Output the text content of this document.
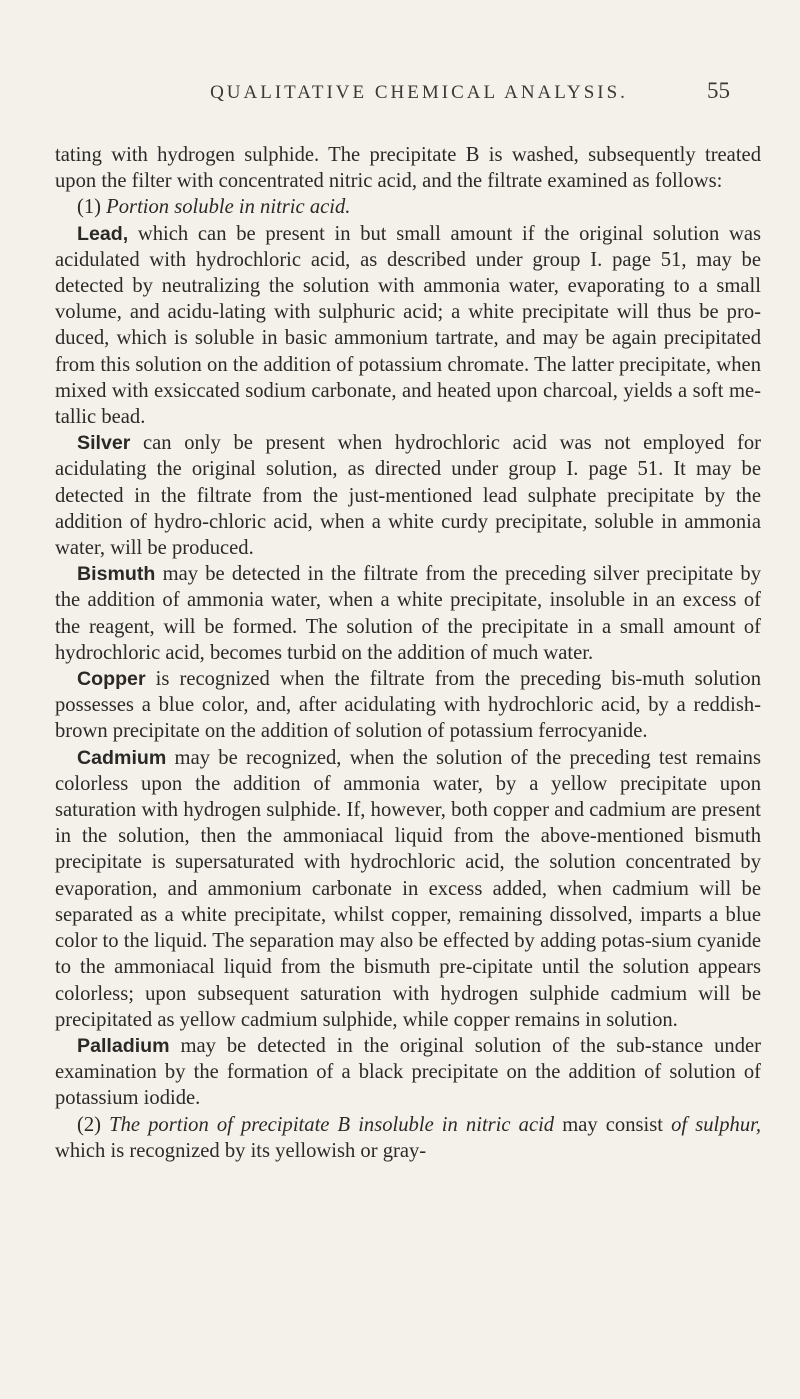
QUALITATIVE CHEMICAL ANALYSIS.	55

tating with hydrogen sulphide. The precipitate B is washed, subsequently treated upon the filter with concentrated nitric acid, and the filtrate examined as follows:

(1) Portion soluble in nitric acid.

Lead, which can be present in but small amount if the original solution was acidulated with hydrochloric acid, as described under group I. page 51, may be detected by neutralizing the solution with ammonia water, evaporating to a small volume, and acidu-lating with sulphuric acid; a white precipitate will thus be pro-duced, which is soluble in basic ammonium tartrate, and may be again precipitated from this solution on the addition of potassium chromate. The latter precipitate, when mixed with exsiccated sodium carbonate, and heated upon charcoal, yields a soft me-tallic bead.

Silver can only be present when hydrochloric acid was not employed for acidulating the original solution, as directed under group I. page 51. It may be detected in the filtrate from the just-mentioned lead sulphate precipitate by the addition of hydro-chloric acid, when a white curdy precipitate, soluble in ammonia water, will be produced.

Bismuth may be detected in the filtrate from the preceding silver precipitate by the addition of ammonia water, when a white precipitate, insoluble in an excess of the reagent, will be formed. The solution of the precipitate in a small amount of hydrochloric acid, becomes turbid on the addition of much water.

Copper is recognized when the filtrate from the preceding bis-muth solution possesses a blue color, and, after acidulating with hydrochloric acid, by a reddish-brown precipitate on the addition of solution of potassium ferrocyanide.

Cadmium may be recognized, when the solution of the preceding test remains colorless upon the addition of ammonia water, by a yellow precipitate upon saturation with hydrogen sulphide. If, however, both copper and cadmium are present in the solution, then the ammoniacal liquid from the above-mentioned bismuth precipitate is supersaturated with hydrochloric acid, the solution concentrated by evaporation, and ammonium carbonate in excess added, when cadmium will be separated as a white precipitate, whilst copper, remaining dissolved, imparts a blue color to the liquid. The separation may also be effected by adding potas-sium cyanide to the ammoniacal liquid from the bismuth pre-cipitate until the solution appears colorless; upon subsequent saturation with hydrogen sulphide cadmium will be precipitated as yellow cadmium sulphide, while copper remains in solution.

Palladium may be detected in the original solution of the sub-stance under examination by the formation of a black precipitate on the addition of solution of potassium iodide.

(2) The portion of precipitate B insoluble in nitric acid may consist of sulphur, which is recognized by its yellowish or gray-
